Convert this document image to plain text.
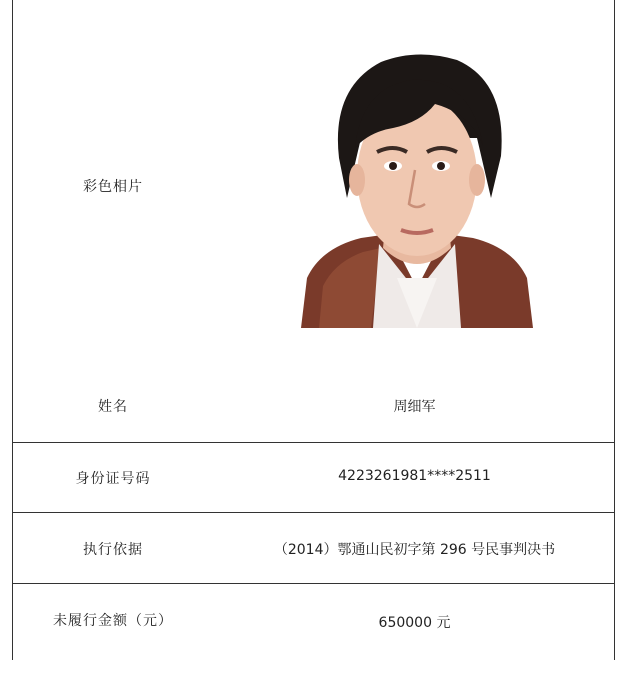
彩色相片
姓名	周细军
身份证号码	4223261981****2511
执行依据	（2014）鄂通山民初字第 296 号民事判决书
未履行金额（元）	650000 元
